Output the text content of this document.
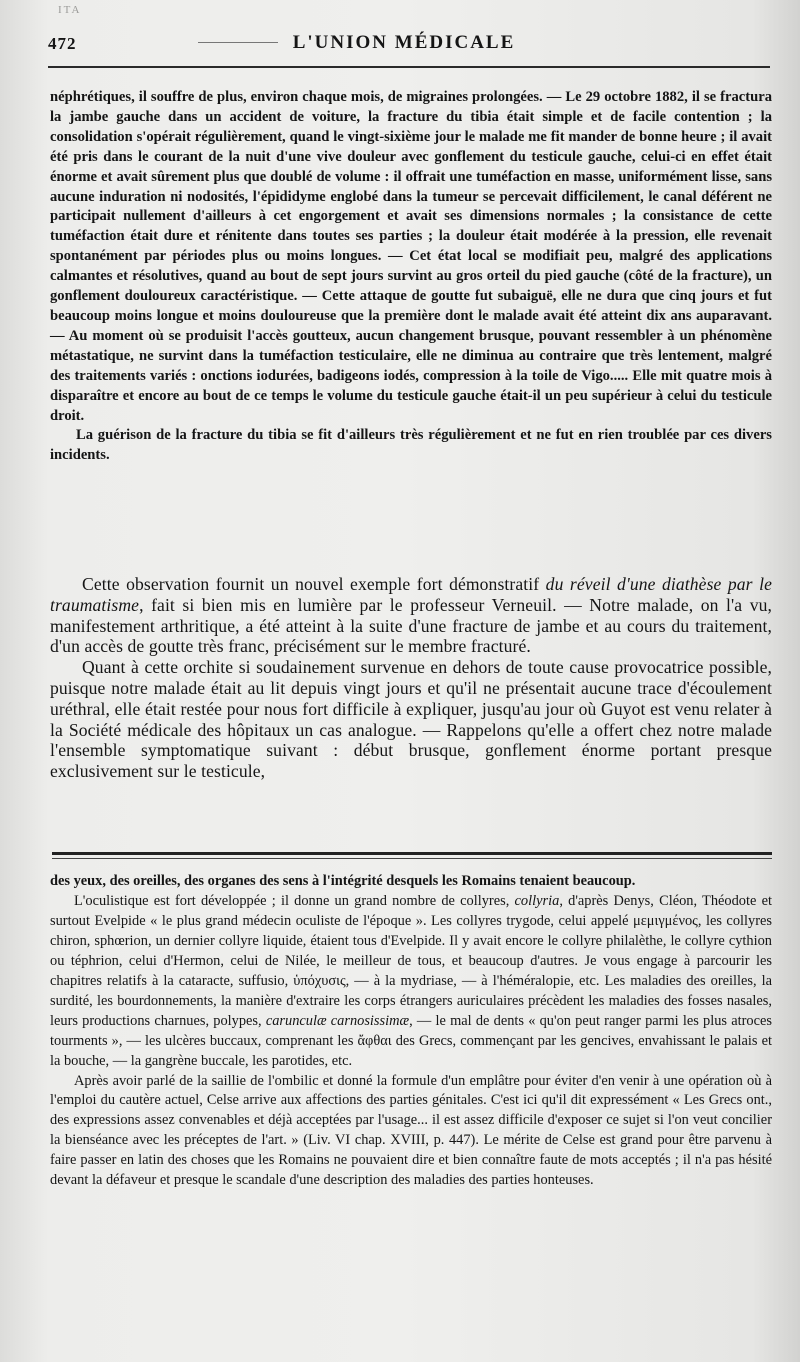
ITA
472	L'UNION MÉDICALE

néphrétiques, il souffre de plus, environ chaque mois, de migraines prolongées. — Le 29 octobre 1882, il se fractura la jambe gauche dans un accident de voiture, la fracture du tibia était simple et de facile contention ; la consolidation s'opérait régulièrement, quand le vingt-sixième jour le malade me fit mander de bonne heure ; il avait été pris dans le courant de la nuit d'une vive douleur avec gonflement du testicule gauche, celui-ci en effet était énorme et avait sûrement plus que doublé de volume : il offrait une tuméfaction en masse, uniformément lisse, sans aucune induration ni nodosités, l'épididyme englobé dans la tumeur se percevait difficilement, le canal déférent ne participait nullement d'ailleurs à cet engorgement et avait ses dimensions normales ; la consistance de cette tuméfaction était dure et rénitente dans toutes ses parties ; la douleur était modérée à la pression, elle revenait spontanément par périodes plus ou moins longues. — Cet état local se modifiait peu, malgré des applications calmantes et résolutives, quand au bout de sept jours survint au gros orteil du pied gauche (côté de la fracture), un gonflement douloureux caractéristique. — Cette attaque de goutte fut subaiguë, elle ne dura que cinq jours et fut beaucoup moins longue et moins douloureuse que la première dont le malade avait été atteint dix ans auparavant. — Au moment où se produisit l'accès goutteux, aucun changement brusque, pouvant ressembler à un phénomène métastatique, ne survint dans la tuméfaction testiculaire, elle ne diminua au contraire que très lentement, malgré des traitements variés : onctions iodurées, badigeons iodés, compression à la toile de Vigo..... Elle mit quatre mois à disparaître et encore au bout de ce temps le volume du testicule gauche était-il un peu supérieur à celui du testicule droit.

La guérison de la fracture du tibia se fit d'ailleurs très régulièrement et ne fut en rien troublée par ces divers incidents.

Cette observation fournit un nouvel exemple fort démonstratif du réveil d'une diathèse par le traumatisme, fait si bien mis en lumière par le professeur Verneuil. — Notre malade, on l'a vu, manifestement arthritique, a été atteint à la suite d'une fracture de jambe et au cours du traitement, d'un accès de goutte très franc, précisément sur le membre fracturé.

Quant à cette orchite si soudainement survenue en dehors de toute cause provocatrice possible, puisque notre malade était au lit depuis vingt jours et qu'il ne présentait aucune trace d'écoulement uréthral, elle était restée pour nous fort difficile à expliquer, jusqu'au jour où Guyot est venu relater à la Société médicale des hôpitaux un cas analogue. — Rappelons qu'elle a offert chez notre malade l'ensemble symptomatique suivant : début brusque, gonflement énorme portant presque exclusivement sur le testicule,

des yeux, des oreilles, des organes des sens à l'intégrité desquels les Romains tenaient beaucoup.

L'oculistique est fort développée ; il donne un grand nombre de collyres, collyria, d'après Denys, Cléon, Théodote et surtout Evelpide « le plus grand médecin oculiste de l'époque ». Les collyres trygode, celui appelé μεμιγμένος, les collyres chiron, sphœrion, un dernier collyre liquide, étaient tous d'Evelpide. Il y avait encore le collyre philalèthe, le collyre cythion ou téphrion, celui d'Hermon, celui de Nilée, le meilleur de tous, et beaucoup d'autres. Je vous engage à parcourir les chapitres relatifs à la cataracte, suffusio, ὑπόχυσις, — à la mydriase, — à l'héméralopie, etc. Les maladies des oreilles, la surdité, les bourdonnements, la manière d'extraire les corps étrangers auriculaires précèdent les maladies des fosses nasales, leurs productions charnues, polypes, carunculæ carnosissimæ, — le mal de dents « qu'on peut ranger parmi les plus atroces tourments », — les ulcères buccaux, comprenant les ἄφθαι des Grecs, commençant par les gencives, envahissant le palais et la bouche, — la gangrène buccale, les parotides, etc.

Après avoir parlé de la saillie de l'ombilic et donné la formule d'un emplâtre pour éviter d'en venir à une opération où à l'emploi du cautère actuel, Celse arrive aux affections des parties génitales. C'est ici qu'il dit expressément « Les Grecs ont., des expressions assez convenables et déjà acceptées par l'usage... il est assez difficile d'exposer ce sujet si l'on veut concilier la bienséance avec les préceptes de l'art. » (Liv. VI chap. XVIII, p. 447). Le mérite de Celse est grand pour être parvenu à faire passer en latin des choses que les Romains ne pouvaient dire et bien connaître faute de mots acceptés ; il n'a pas hésité devant la défaveur et presque le scandale d'une description des maladies des parties honteuses.
